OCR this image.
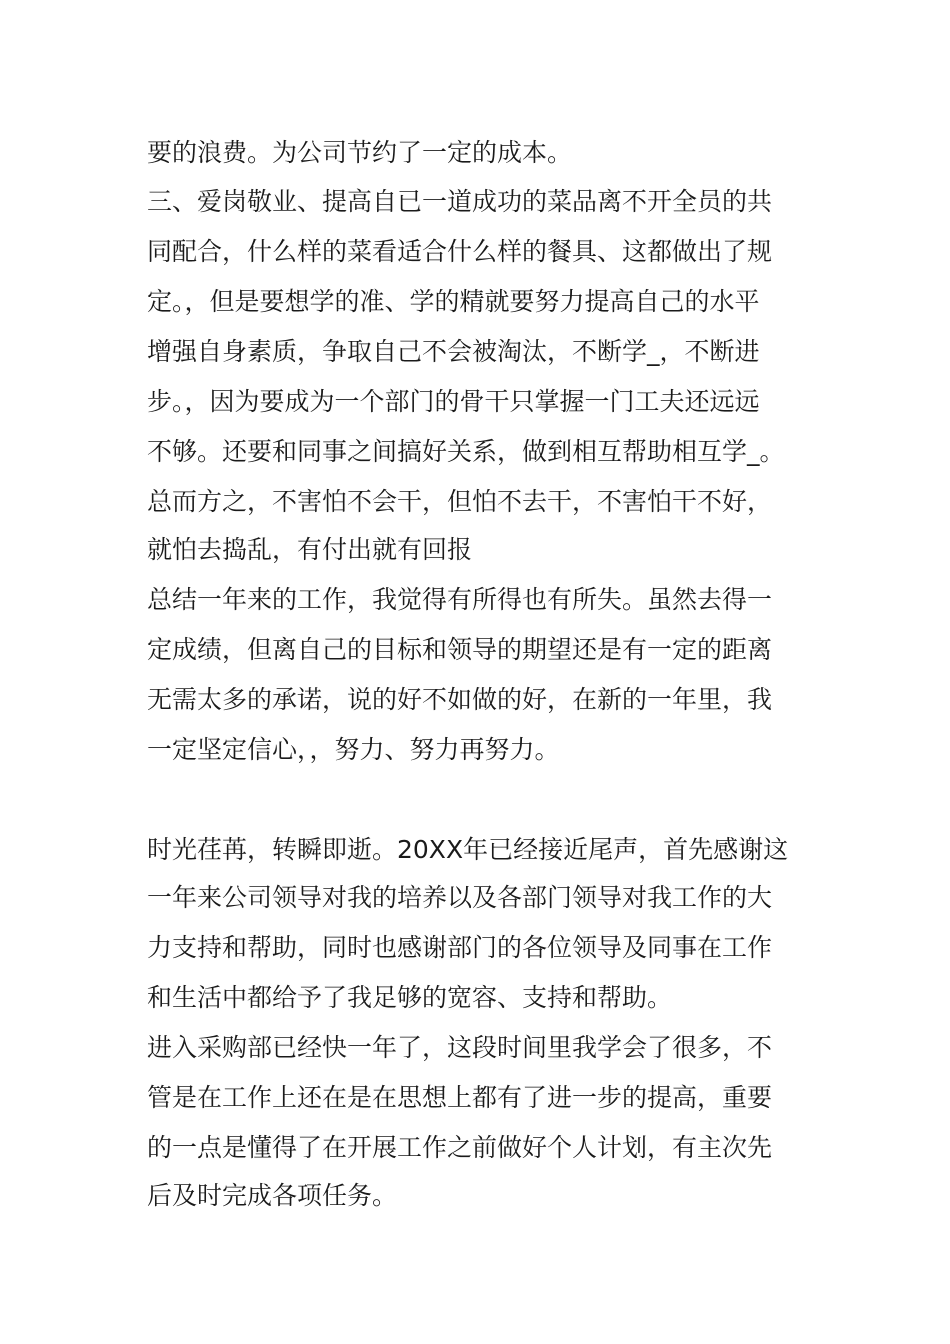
要的浪费。为公司节约了一定的成本。

三、爱岗敬业、提高自已一道成功的菜品离不开全员的共

同配合，什么样的菜看适合什么样的餐具、这都做出了规

定。，但是要想学的准、学的精就要努力提高自己的水平

增强自身素质，争取自己不会被淘汰，不断学_，不断进

步。，因为要成为一个部门的骨干只掌握一门工夫还远远

不够。还要和同事之间搞好关系，做到相互帮助相互学_。

总而方之，不害怕不会干，但怕不去干，不害怕干不好，

就怕去捣乱，有付出就有回报

总结一年来的工作，我觉得有所得也有所失。虽然去得一

定成绩，但离自己的目标和领导的期望还是有一定的距离

无需太多的承诺，说的好不如做的好，在新的一年里，我

一定坚定信心，，努力、努力再努力。

时光荏苒，转瞬即逝。20XX年已经接近尾声，首先感谢这

一年来公司领导对我的培养以及各部门领导对我工作的大

力支持和帮助，同时也感谢部门的各位领导及同事在工作

和生活中都给予了我足够的宽容、支持和帮助。

进入采购部已经快一年了，这段时间里我学会了很多，不

管是在工作上还在是在思想上都有了进一步的提高，重要

的一点是懂得了在开展工作之前做好个人计划，有主次先

后及时完成各项任务。
